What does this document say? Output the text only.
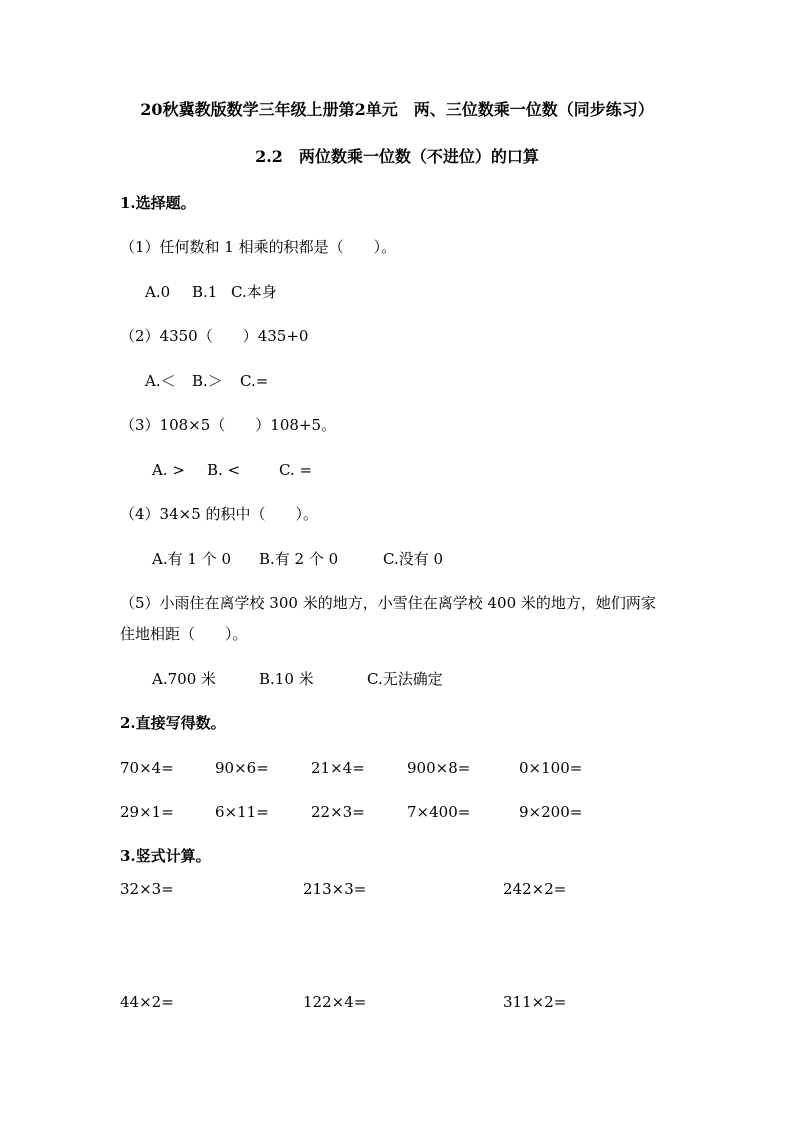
20秋冀教版数学三年级上册第2单元　两、三位数乘一位数（同步练习）
2.2　两位数乘一位数（不进位）的口算
1.选择题。
（1）任何数和 1 相乘的积都是（　　）。
A.0 B.1 C.本身
（2）4350（　　）435+0
A.＜ B.＞ C.=
（3）108×5（　　）108+5。
A. > B. <	C. =
（4）34×5 的积中（　　）。
A.有 1 个 0 B.有 2 个 0	C.没有 0
（5）小雨住在离学校 300 米的地方，小雪住在离学校 400 米的地方，她们两家
住地相距（　　）。
A.700 米	B.10 米	C.无法确定
2.直接写得数。
70×4=	90×6=	21×4=	900×8=	0×100=
29×1=	6×11=	22×3=	7×400=	9×200=
3.竖式计算。
32×3=	213×3=	242×2=
44×2=	122×4=	311×2=
